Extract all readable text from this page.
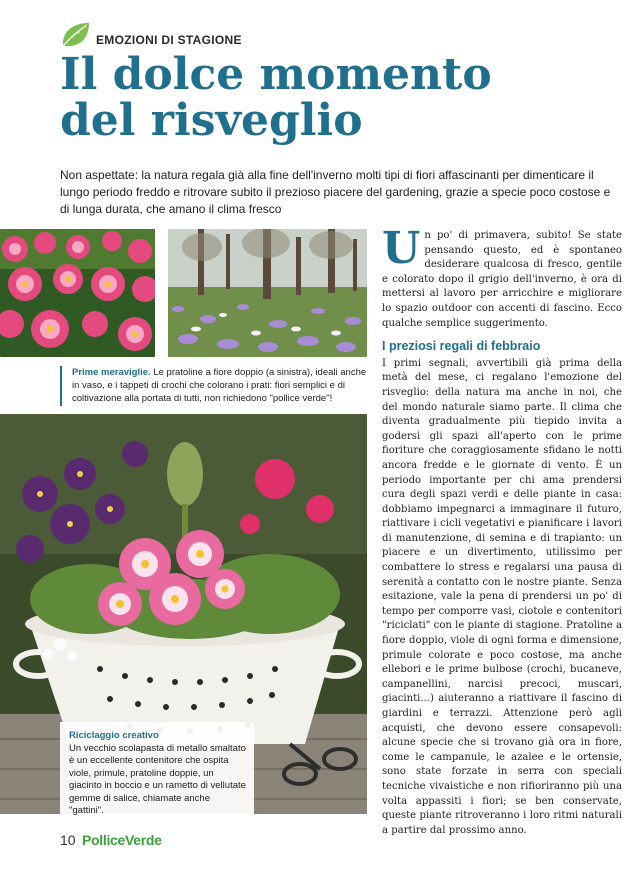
EMOZIONI DI STAGIONE
Il dolce momento
del risveglio

Non aspettate: la natura regala già alla fine dell'inverno molti tipi di fiori affascinanti per dimenticare il lungo periodo freddo e ritrovare subito il prezioso piacere del gardening, grazie a specie poco costose e di lunga durata, che amano il clima fresco

Prime meraviglie. Le pratoline a fiore doppio (a sinistra), ideali anche in vaso, e i tappeti di crochi che colorano i prati: fiori semplici e di coltivazione alla portata di tutti, non richiedono "pollice verde"!
Riciclaggio creativo
Un vecchio scolapasta di metallo smaltato è un eccellente contenitore che ospita viole, primule, pratoline doppie, un giacinto in boccio e un rametto di vellutate gemme di salice, chiamate anche "gattini".

Un po' di primavera, subito! Se state pensando questo, ed è spontaneo desiderare qualcosa di fresco, gentile e colorato dopo il grigio dell'inverno, è ora di mettersi al lavoro per arricchire e migliorare lo spazio outdoor con accenti di fascino. Ecco qualche semplice suggerimento.

I preziosi regali di febbraio

I primi segnali, avvertibili già prima della metà del mese, ci regalano l'emozione del risveglio: della natura ma anche in noi, che del mondo naturale siamo parte. Il clima che diventa gradualmente più tiepido invita a godersi gli spazi all'aperto con le prime fioriture che coraggiosamente sfidano le notti ancora fredde e le giornate di vento. È un periodo importante per chi ama prendersi cura degli spazi verdi e delle piante in casa: dobbiamo impegnarci a immaginare il futuro, riattivare i cicli vegetativi e pianificare i lavori di manutenzione, di semina e di trapianto: un piacere e un divertimento, utilissimo per combattere lo stress e regalarsi una pausa di serenità a contatto con le nostre piante. Senza esitazione, vale la pena di prendersi un po' di tempo per comporre vasi, ciotole e contenitori "riciclati" con le piante di stagione. Pratoline a fiore doppio, viole di ogni forma e dimensione, primule colorate e poco costose, ma anche ellebori e le prime bulbose (crochi, bucaneve, campanellini, narcisi precoci, muscari, giacinti...) aiuteranno a riattivare il fascino di giardini e terrazzi. Attenzione però agli acquisti, che devono essere consapevoli: alcune specie che si trovano già ora in fiore, come le campanule, le azalee e le ortensie, sono state forzate in serra con speciali tecniche vivaistiche e non rifioriranno più una volta appassiti i fiori; se ben conservate, queste piante ritroveranno i loro ritmi naturali a partire dal prossimo anno.

10 PolliceVerde
